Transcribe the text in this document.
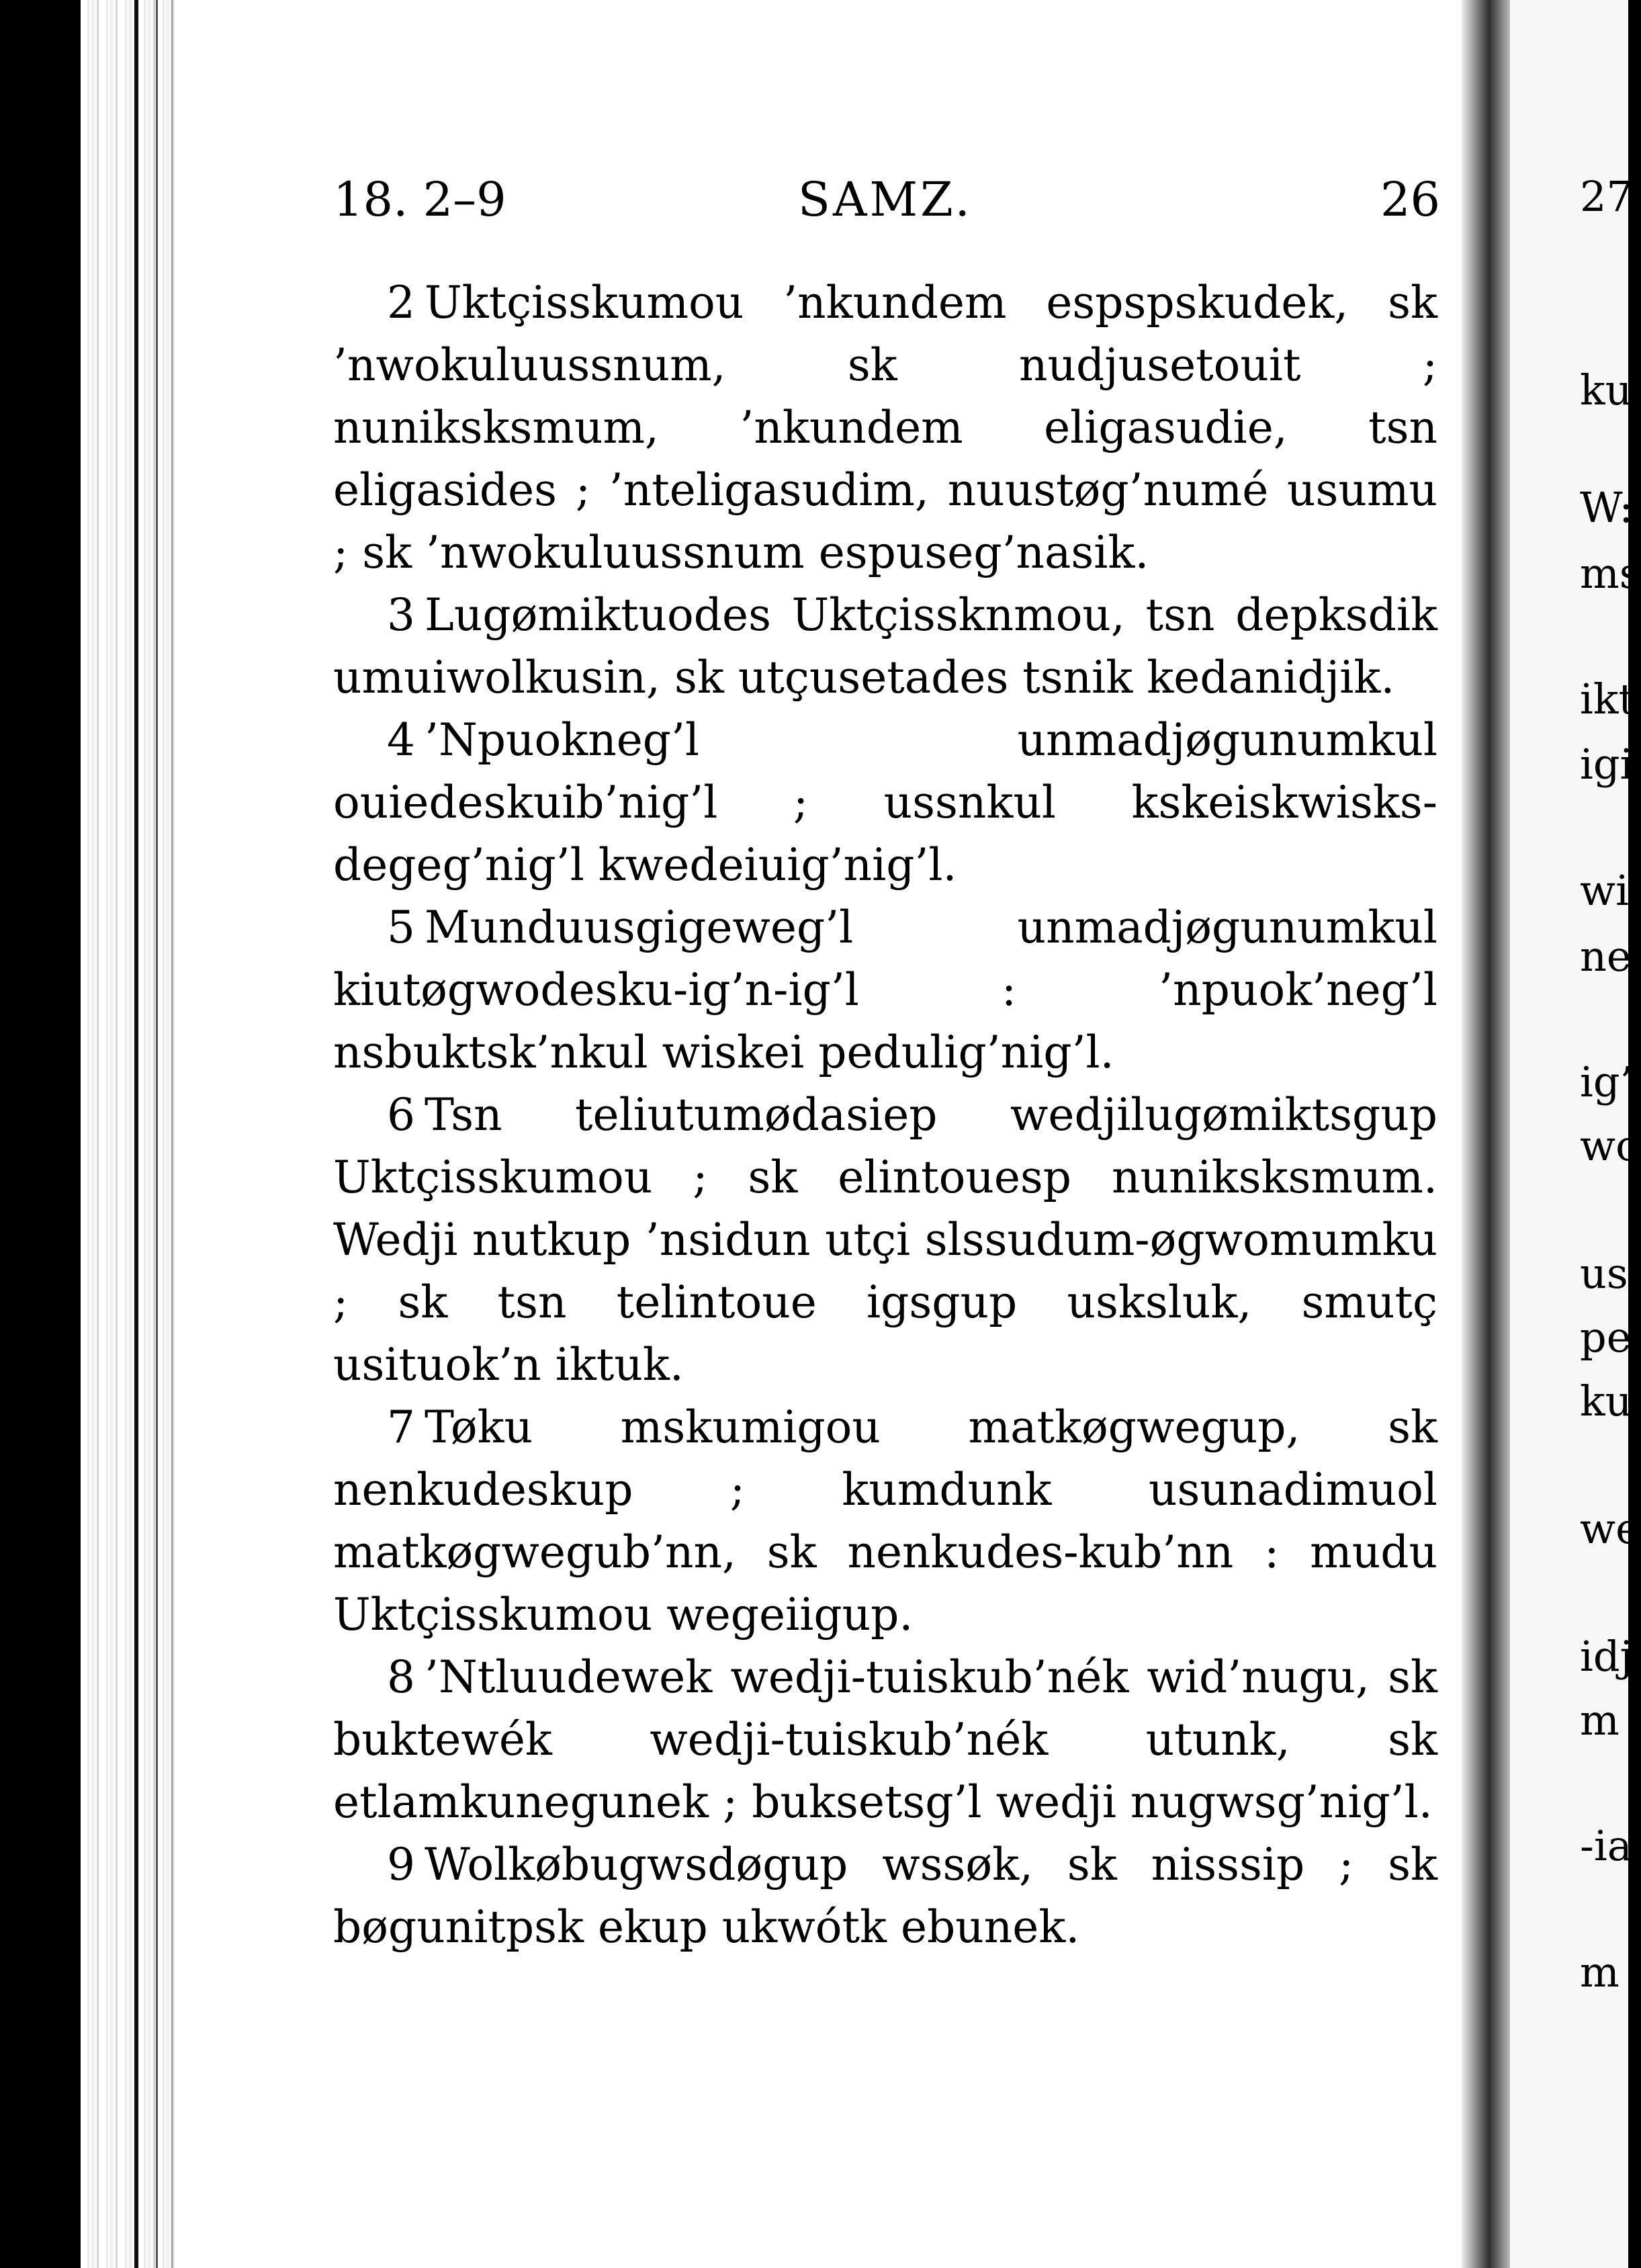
18. 2–9	SAMZ.	26	27
ku
W:
ms
ikt
igi
wi
ne
ig’
wc
us
pe
ku
we
idj
m
-ia
m

2 Uktçisskumou ’nkundem espspskudek, sk ’nwokuluussnum, sk nudjusetouit ; nuniksksmum, ’nkundem eligasudie, tsn eligasides ; ’nteligasudim, nuustøg’numé usumu ; sk ’nwokuluussnum espuseg’nasik.

3 Lugømiktuodes Uktçissknmou, tsn depksdik umuiwolkusin, sk utçusetades tsnik kedanidjik.

4 ’Npuokneg’l unmadjøgunumkul ouiedeskuib’nig’l ; ussnkul kskeiskwisks-degeg’nig’l kwedeiuig’nig’l.

5 Munduusgigeweg’l unmadjøgunumkul kiutøgwodesku-ig’n-ig’l : ’npuok’neg’l nsbuktsk’nkul wiskei pedulig’nig’l.

6 Tsn teliutumødasiep wedjilugømiktsgup Uktçisskumou ; sk elintouesp nuniksksmum. Wedji nutkup ’nsidun utçi slssudum-øgwomumku ; sk tsn telintoue igsgup usksluk, smutç usituok’n iktuk.

7 Tøku mskumigou matkøgwegup, sk nenkudeskup ; kumdunk usunadimuol matkøgwegub’nn, sk nenkudes-kub’nn : mudu Uktçisskumou wegeiigup.

8 ’Ntluudewek wedji-tuiskub’nék wid’nugu, sk buktewék wedji-tuiskub’nék utunk, sk etlamkunegunek ; buksetsg’l wedji nugwsg’nig’l.

9 Wolkøbugwsdøgup wssøk, sk nisssip ; sk bøgunitpsk ekup ukwótk ebunek.
